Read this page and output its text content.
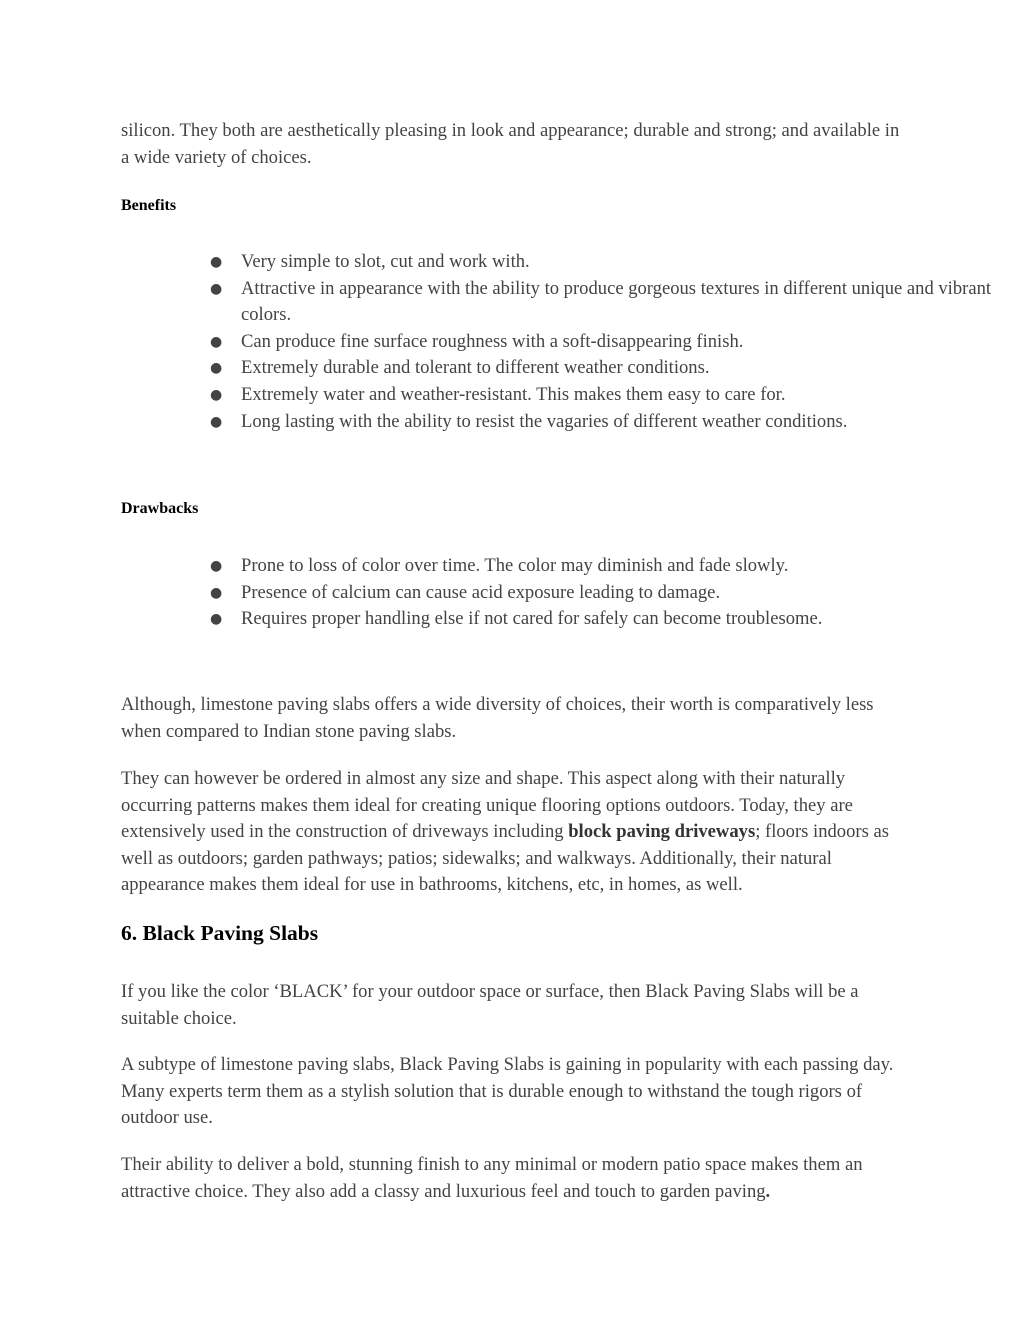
silicon. They both are aesthetically pleasing in look and appearance; durable and strong; and available in a wide variety of choices.

Benefits
●	Very simple to slot, cut and work with.
●	Attractive in appearance with the ability to produce gorgeous textures in different unique and vibrant colors.
●	Can produce fine surface roughness with a soft-disappearing finish.
●	Extremely durable and tolerant to different weather conditions.
●	Extremely water and weather-resistant. This makes them easy to care for.
●	Long lasting with the ability to resist the vagaries of different weather conditions.
Drawbacks
●	Prone to loss of color over time. The color may diminish and fade slowly.
●	Presence of calcium can cause acid exposure leading to damage.
●	Requires proper handling else if not cared for safely can become troublesome.

Although, limestone paving slabs offers a wide diversity of choices, their worth is comparatively less when compared to Indian stone paving slabs.

They can however be ordered in almost any size and shape. This aspect along with their naturally occurring patterns makes them ideal for creating unique flooring options outdoors. Today, they are extensively used in the construction of driveways including block paving driveways; floors indoors as well as outdoors; garden pathways; patios; sidewalks; and walkways. Additionally, their natural appearance makes them ideal for use in bathrooms, kitchens, etc, in homes, as well.

6. Black Paving Slabs

If you like the color ‘BLACK’ for your outdoor space or surface, then Black Paving Slabs will be a suitable choice.

A subtype of limestone paving slabs, Black Paving Slabs is gaining in popularity with each passing day. Many experts term them as a stylish solution that is durable enough to withstand the tough rigors of outdoor use.

Their ability to deliver a bold, stunning finish to any minimal or modern patio space makes them an attractive choice. They also add a classy and luxurious feel and touch to garden paving.
